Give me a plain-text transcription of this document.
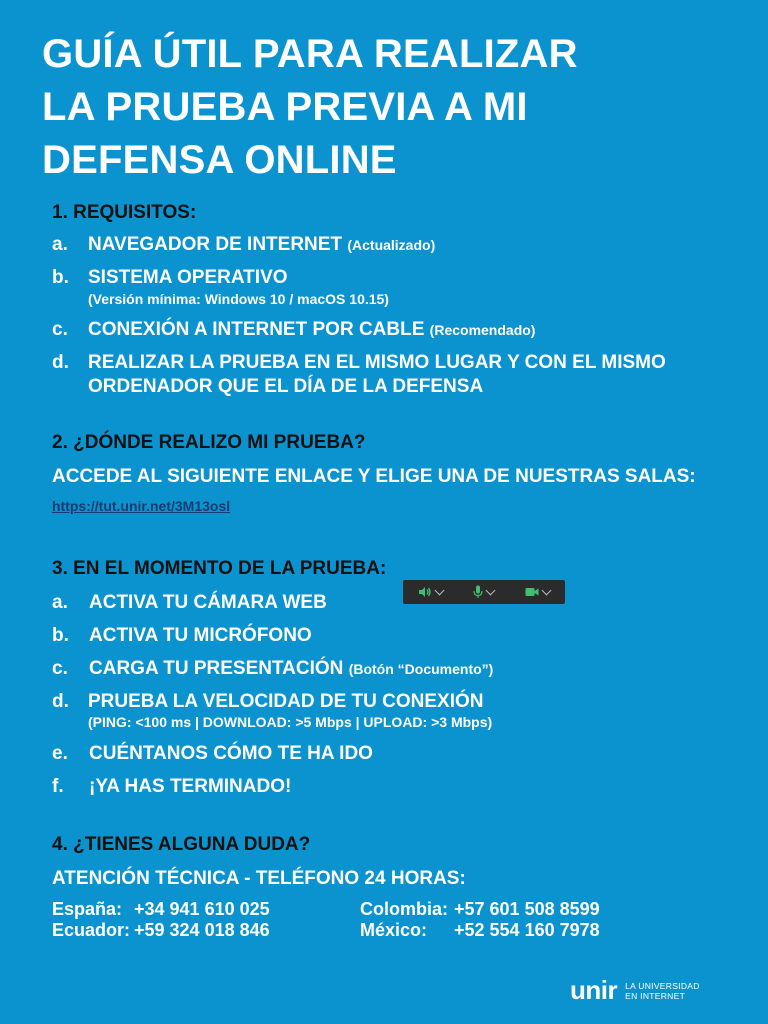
GUÍA ÚTIL PARA REALIZAR
LA PRUEBA PREVIA A MI
DEFENSA ONLINE
1. REQUISITOS:
a. NAVEGADOR DE INTERNET (Actualizado)
b. SISTEMA OPERATIVO
(Versión mínima: Windows 10 / macOS 10.15)
c. CONEXIÓN A INTERNET POR CABLE (Recomendado)
d. REALIZAR LA PRUEBA EN EL MISMO LUGAR Y CON EL MISMO
ORDENADOR QUE EL DÍA DE LA DEFENSA
2. ¿DÓNDE REALIZO MI PRUEBA?
ACCEDE AL SIGUIENTE ENLACE Y ELIGE UNA DE NUESTRAS SALAS:
https://tut.unir.net/3M13osl
3. EN EL MOMENTO DE LA PRUEBA:
a. ACTIVA TU CÁMARA WEB
b. ACTIVA TU MICRÓFONO
c. CARGA TU PRESENTACIÓN (Botón “Documento”)
d. PRUEBA LA VELOCIDAD DE TU CONEXIÓN
(PING: <100 ms | DOWNLOAD: >5 Mbps | UPLOAD: >3 Mbps)
e. CUÉNTANOS CÓMO TE HA IDO
f. ¡YA HAS TERMINADO!
4. ¿TIENES ALGUNA DUDA?
ATENCIÓN TÉCNICA - TELÉFONO 24 HORAS:
España: +34 941 610 025
Ecuador: +59 324 018 846
Colombia: +57 601 508 8599
México: +52 554 160 7978
unir LA UNIVERSIDAD
EN INTERNET
